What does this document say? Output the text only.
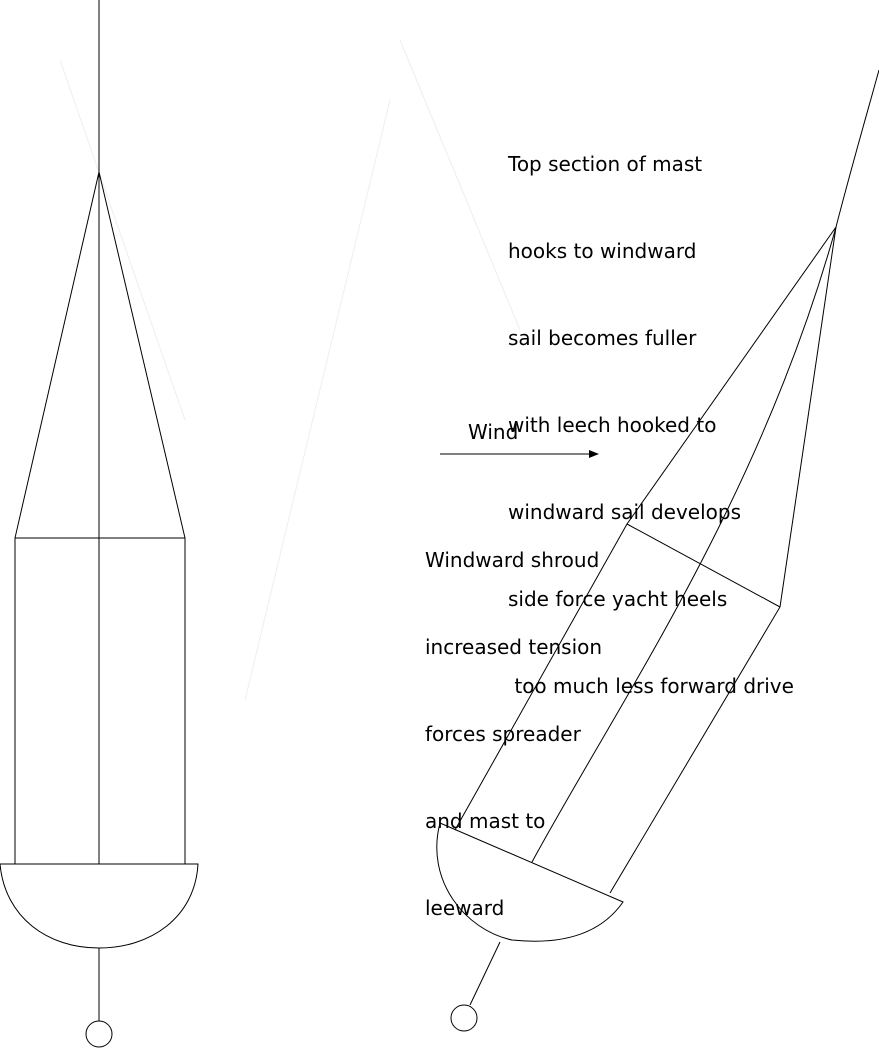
Top section of mast

hooks to windward

sail becomes fuller

with leech hooked to

windward sail develops

side force yacht heels

too much less forward drive

Wind

Windward shroud

increased tension

forces spreader

and mast to

leeward
